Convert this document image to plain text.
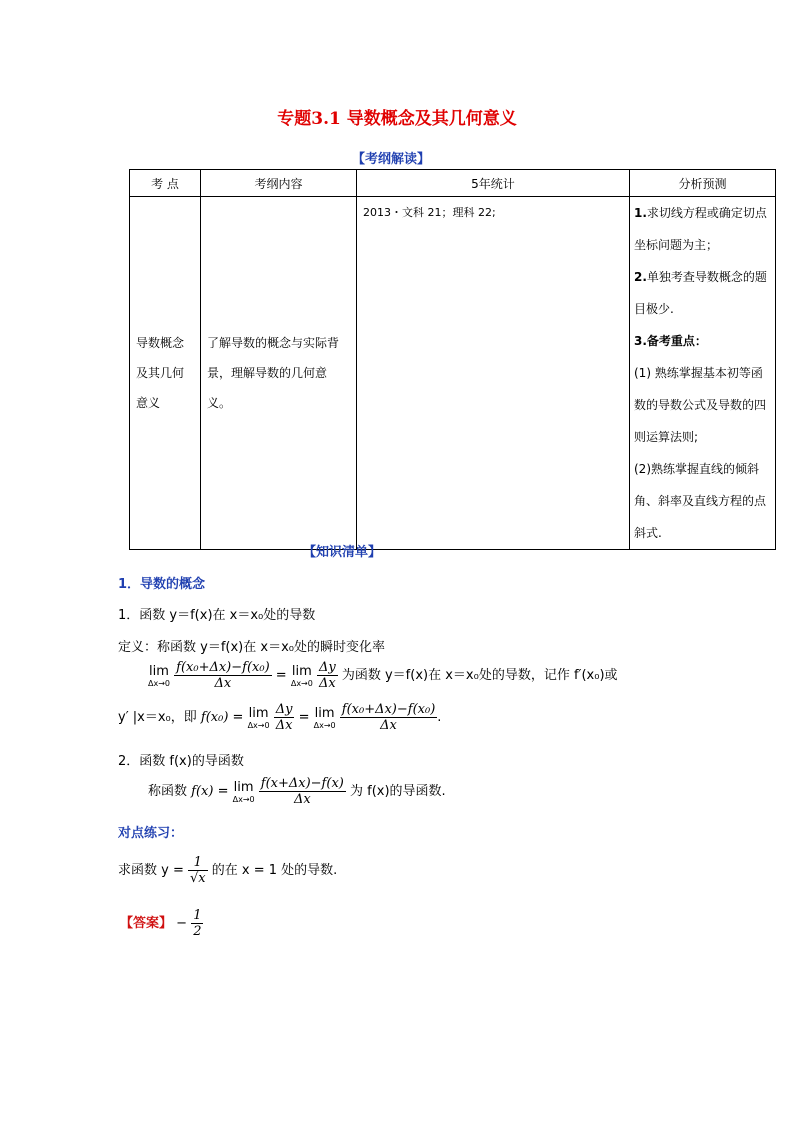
专题3.1 导数概念及其几何意义
【考纲解读】
考 点	考纲内容	5年统计	分析预测

导数概念及其几何意义	了解导数的概念与实际背景，理解导数的几何意义。	2013・文科 21；理科 22;	1.求切线方程或确定切点坐标问题为主；

2.单独考查导数概念的题目极少.

3.备考重点：

(1) 熟练掌握基本初等函数的导数公式及导数的四则运算法则;

(2)熟练掌握直线的倾斜角、斜率及直线方程的点斜式.

【知识清单】
1．导数的概念
1．函数 y＝f(x)在 x＝x₀处的导数
定义：称函数 y＝f(x)在 x＝x₀处的瞬时变化率
lim
Δx→0
$\frac{\text{f(x₀+Δx)−f(x₀)}}{\Delta x} = \lim$
Δx→0
$\frac{\Delta y}{\Delta x}$ 为函数 y＝f(x)在 x＝x₀处的导数，记作 f′(x₀)或
y′ |x＝x₀，即 f(x₀) = lim
Δx→0
$\frac{\Delta y}{\Delta x} = \lim$
Δx→0
$\frac{\text{f(x₀+Δx)−f(x₀)}}{\Delta x}$ .
2．函数 f(x)的导函数
称函数 f(x) = lim
Δx→0
$\frac{f(x+\Delta x)-f(x)}{\Delta x}$ 为 f(x)的导函数.
对点练习：
求函数 $y = \frac{1}{√x}$ 的在 x = 1 处的导数.
【答案】 − $\frac{1}{2}$
